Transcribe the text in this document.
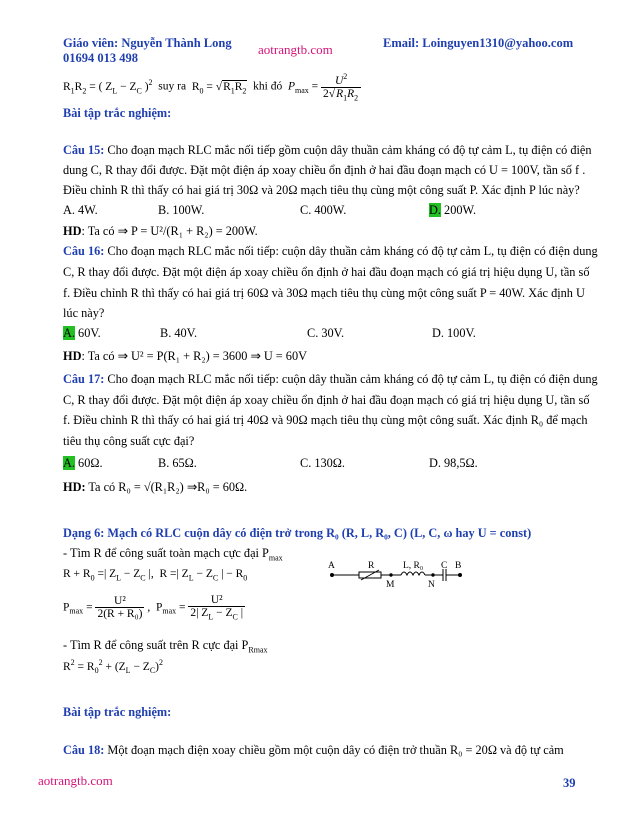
Giáo viên: Nguyễn Thành Long
01694 013 498
aotrangtb.com	Email: Loinguyen1310@yahoo.com
$R_1R_2$ = ( $Z_L - Z_C$ )$^2$ suy ra $R_0 = √R_1R_2$ khi đó $P_{max} = \frac{U^2}{2√R_1R_2}$
Bài tập trắc nghiệm:
Câu 15: Cho đoạn mạch RLC mắc nối tiếp gồm cuộn dây thuần cảm kháng có độ tự cảm L, tụ điện có điện
dung C, R thay đổi được. Đặt một điện áp xoay chiều ổn định ở hai đầu đoạn mạch có U = 100V, tần số f .
Điều chỉnh R thì thấy có hai giá trị 30Ω và 20Ω mạch tiêu thụ cùng một công suất P. Xác định P lúc này?
A. 4W.	B. 100W.	C. 400W.	D. 200W.
HD: Ta có ⇒ P = U²/(R₁ + R₂) = 200W.
Câu 16: Cho đoạn mạch RLC mắc nối tiếp: cuộn dây thuần cảm kháng có độ tự cảm L, tụ điện có điện dung
C, R thay đổi được. Đặt một điện áp xoay chiều ổn định ở hai đầu đoạn mạch có giá trị hiệu dụng U, tần số
f. Điều chỉnh R thì thấy có hai giá trị 60Ω và 30Ω mạch tiêu thụ cùng một công suất P = 40W. Xác định U
lúc này?
A. 60V.	B. 40V.	C. 30V.	D. 100V.
HD: Ta có ⇒ U² = P(R₁ + R₂) = 3600 ⇒ U = 60V
Câu 17: Cho đoạn mạch RLC mắc nối tiếp: cuộn dây thuần cảm kháng có độ tự cảm L, tụ điện có điện dung
C, R thay đổi được. Đặt một điện áp xoay chiều ổn định ở hai đầu đoạn mạch có giá trị hiệu dụng U, tần số
f. Điều chỉnh R thì thấy có hai giá trị 40Ω và 90Ω mạch tiêu thụ cùng một công suất. Xác định R₀ để mạch
tiêu thụ công suất cực đại?
A. 60Ω.	B. 65Ω.	C. 130Ω.	D. 98,5Ω.
HD: Ta có R₀ = √(R₁R₂) ⇒R₀ = 60Ω.
Dạng 6: Mạch có RLC cuộn dây có điện trở trong R₀ (R, L, R₀, C) (L, C, ω hay U = const)
- Tìm R để công suất toàn mạch cực đại $P_{max}$
$R + R_0$ =| $Z_L - Z_C$ |,  R =| $Z_L - Z_C$ | − $R_0$
$P_{max} = \frac{\text{U²}}{\text{2(R + R₀)}}$ ,  $P_{max} = \frac{\text{U²}}{2| Z_L - Z_C |}$
- Tìm R để công suất trên R cực đại $P_{Rmax}$
$R^2 = R_0^2 + (Z_L - Z_C)^2$
A	R	L, R₀ C B
M	N
Bài tập trắc nghiệm:
Câu 18: Một đoạn mạch điện xoay chiều gồm một cuộn dây có điện trở thuần R₀ = 20Ω và độ tự cảm
aotrangtb.com	39
